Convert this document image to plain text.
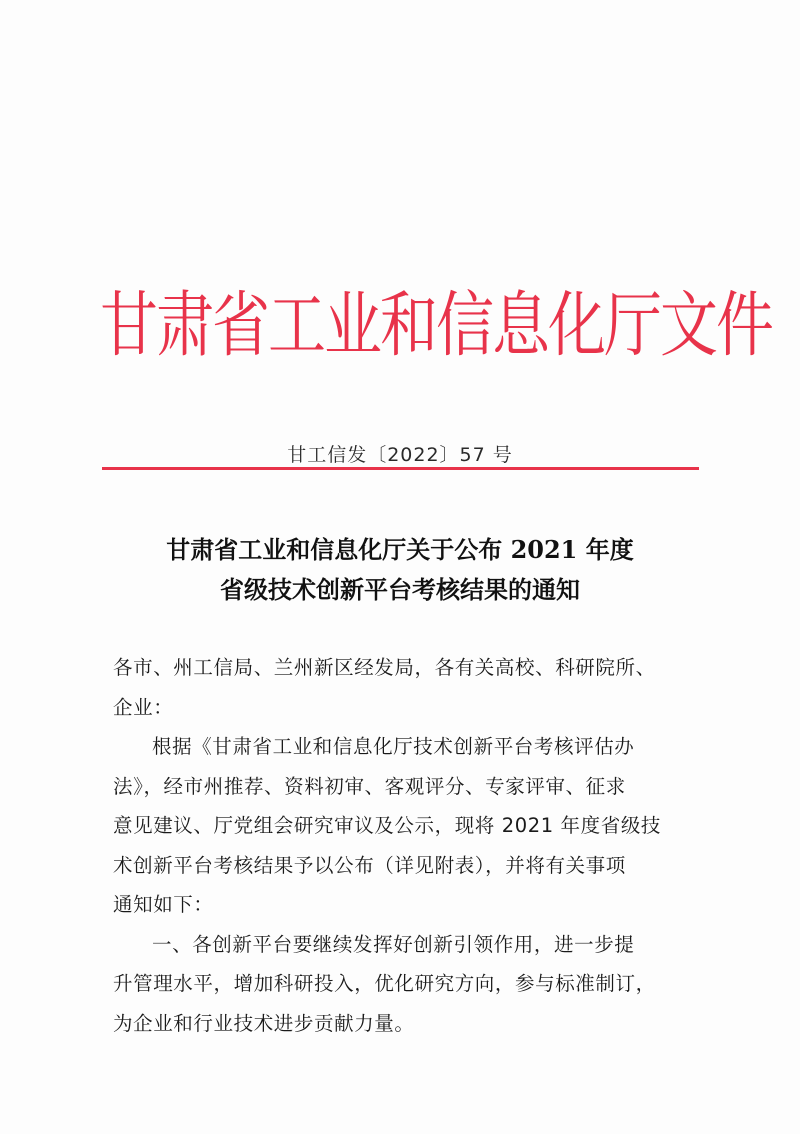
甘肃省工业和信息化厅文件
甘工信发〔2022〕57 号
甘肃省工业和信息化厅关于公布 2021 年度
省级技术创新平台考核结果的通知
各市、州工信局、兰州新区经发局，各有关高校、科研院所、
企业：
根据《甘肃省工业和信息化厅技术创新平台考核评估办
法》，经市州推荐、资料初审、客观评分、专家评审、征求
意见建议、厅党组会研究审议及公示，现将 2021 年度省级技
术创新平台考核结果予以公布（详见附表），并将有关事项
通知如下：
一、各创新平台要继续发挥好创新引领作用，进一步提
升管理水平，增加科研投入，优化研究方向，参与标准制订，
为企业和行业技术进步贡献力量。
